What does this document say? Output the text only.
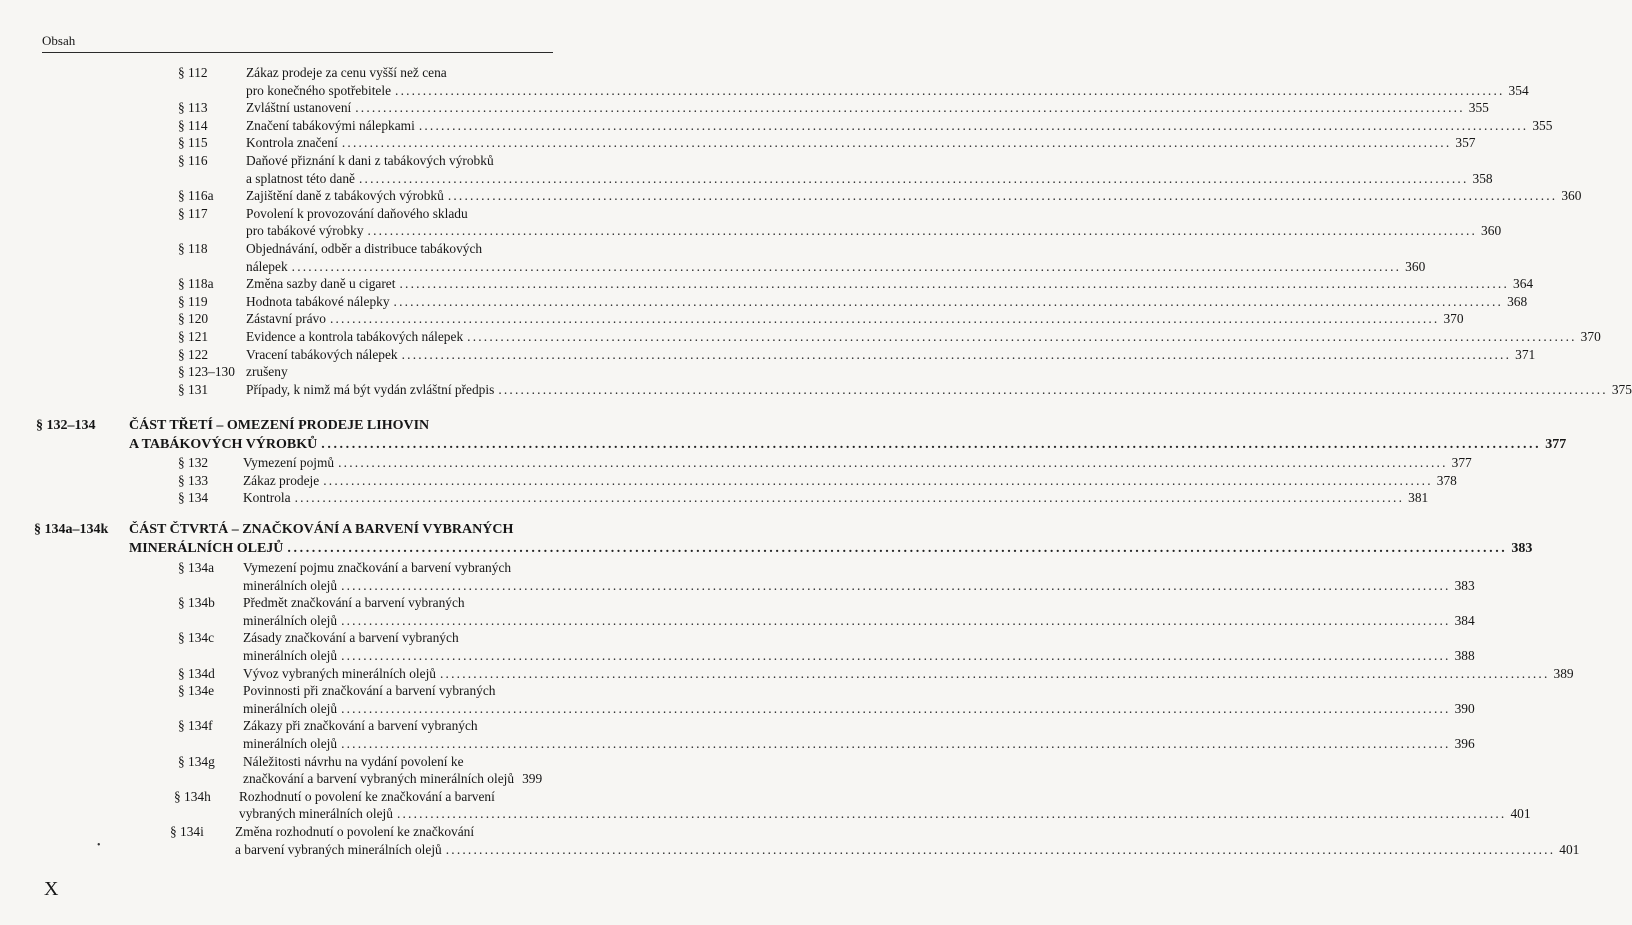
Obsah
§ 112	Zákaz prodeje za cenu vyšší než cena
pro konečného spotřebitele ........................................................................................................................................................................................................ 354
§ 113	Zvláštní ustanovení ........................................................................................................................................................................................................ 355
§ 114	Značení tabákovými nálepkami ........................................................................................................................................................................................................ 355
§ 115	Kontrola značení ........................................................................................................................................................................................................ 357
§ 116	Daňové přiznání k dani z tabákových výrobků
a splatnost této daně ........................................................................................................................................................................................................ 358
§ 116a Zajištění daně z tabákových výrobků ........................................................................................................................................................................................................ 360
§ 117	Povolení k provozování daňového skladu
pro tabákové výrobky ........................................................................................................................................................................................................ 360
§ 118	Objednávání, odběr a distribuce tabákových
nálepek ........................................................................................................................................................................................................ 360
§ 118a Změna sazby daně u cigaret ........................................................................................................................................................................................................ 364
§ 119	Hodnota tabákové nálepky ........................................................................................................................................................................................................ 368
§ 120	Zástavní právo ........................................................................................................................................................................................................ 370
§ 121	Evidence a kontrola tabákových nálepek ........................................................................................................................................................................................................ 370
§ 122	Vracení tabákových nálepek ........................................................................................................................................................................................................ 371
§ 123–130 zrušeny
§ 131	Případy, k nimž má být vydán zvláštní předpis ........................................................................................................................................................................................................ 375
§ 132–134 ČÁST TŘETÍ – OMEZENÍ PRODEJE LIHOVIN
A TABÁKOVÝCH VÝROBKŮ ........................................................................................................................................................................................................ 377
§ 132	Vymezení pojmů ........................................................................................................................................................................................................ 377
§ 133	Zákaz prodeje ........................................................................................................................................................................................................ 378
§ 134	Kontrola ........................................................................................................................................................................................................ 381
§ 134a–134k ČÁST ČTVRTÁ – ZNAČKOVÁNÍ A BARVENÍ VYBRANÝCH
MINERÁLNÍCH OLEJŮ ........................................................................................................................................................................................................ 383
§ 134a Vymezení pojmu značkování a barvení vybraných
minerálních olejů ........................................................................................................................................................................................................ 383
§ 134b Předmět značkování a barvení vybraných
minerálních olejů ........................................................................................................................................................................................................ 384
§ 134c Zásady značkování a barvení vybraných
minerálních olejů ........................................................................................................................................................................................................ 388
§ 134d Vývoz vybraných minerálních olejů ........................................................................................................................................................................................................ 389
§ 134e Povinnosti při značkování a barvení vybraných
minerálních olejů ........................................................................................................................................................................................................ 390
§ 134f Zákazy při značkování a barvení vybraných
minerálních olejů ........................................................................................................................................................................................................ 396
§ 134g Náležitosti návrhu na vydání povolení ke
značkování a barvení vybraných minerálních olejů 399
§ 134h Rozhodnutí o povolení ke značkování a barvení
vybraných minerálních olejů ........................................................................................................................................................................................................ 401
§ 134i Změna rozhodnutí o povolení ke značkování
a barvení vybraných minerálních olejů ........................................................................................................................................................................................................ 401
•
X
